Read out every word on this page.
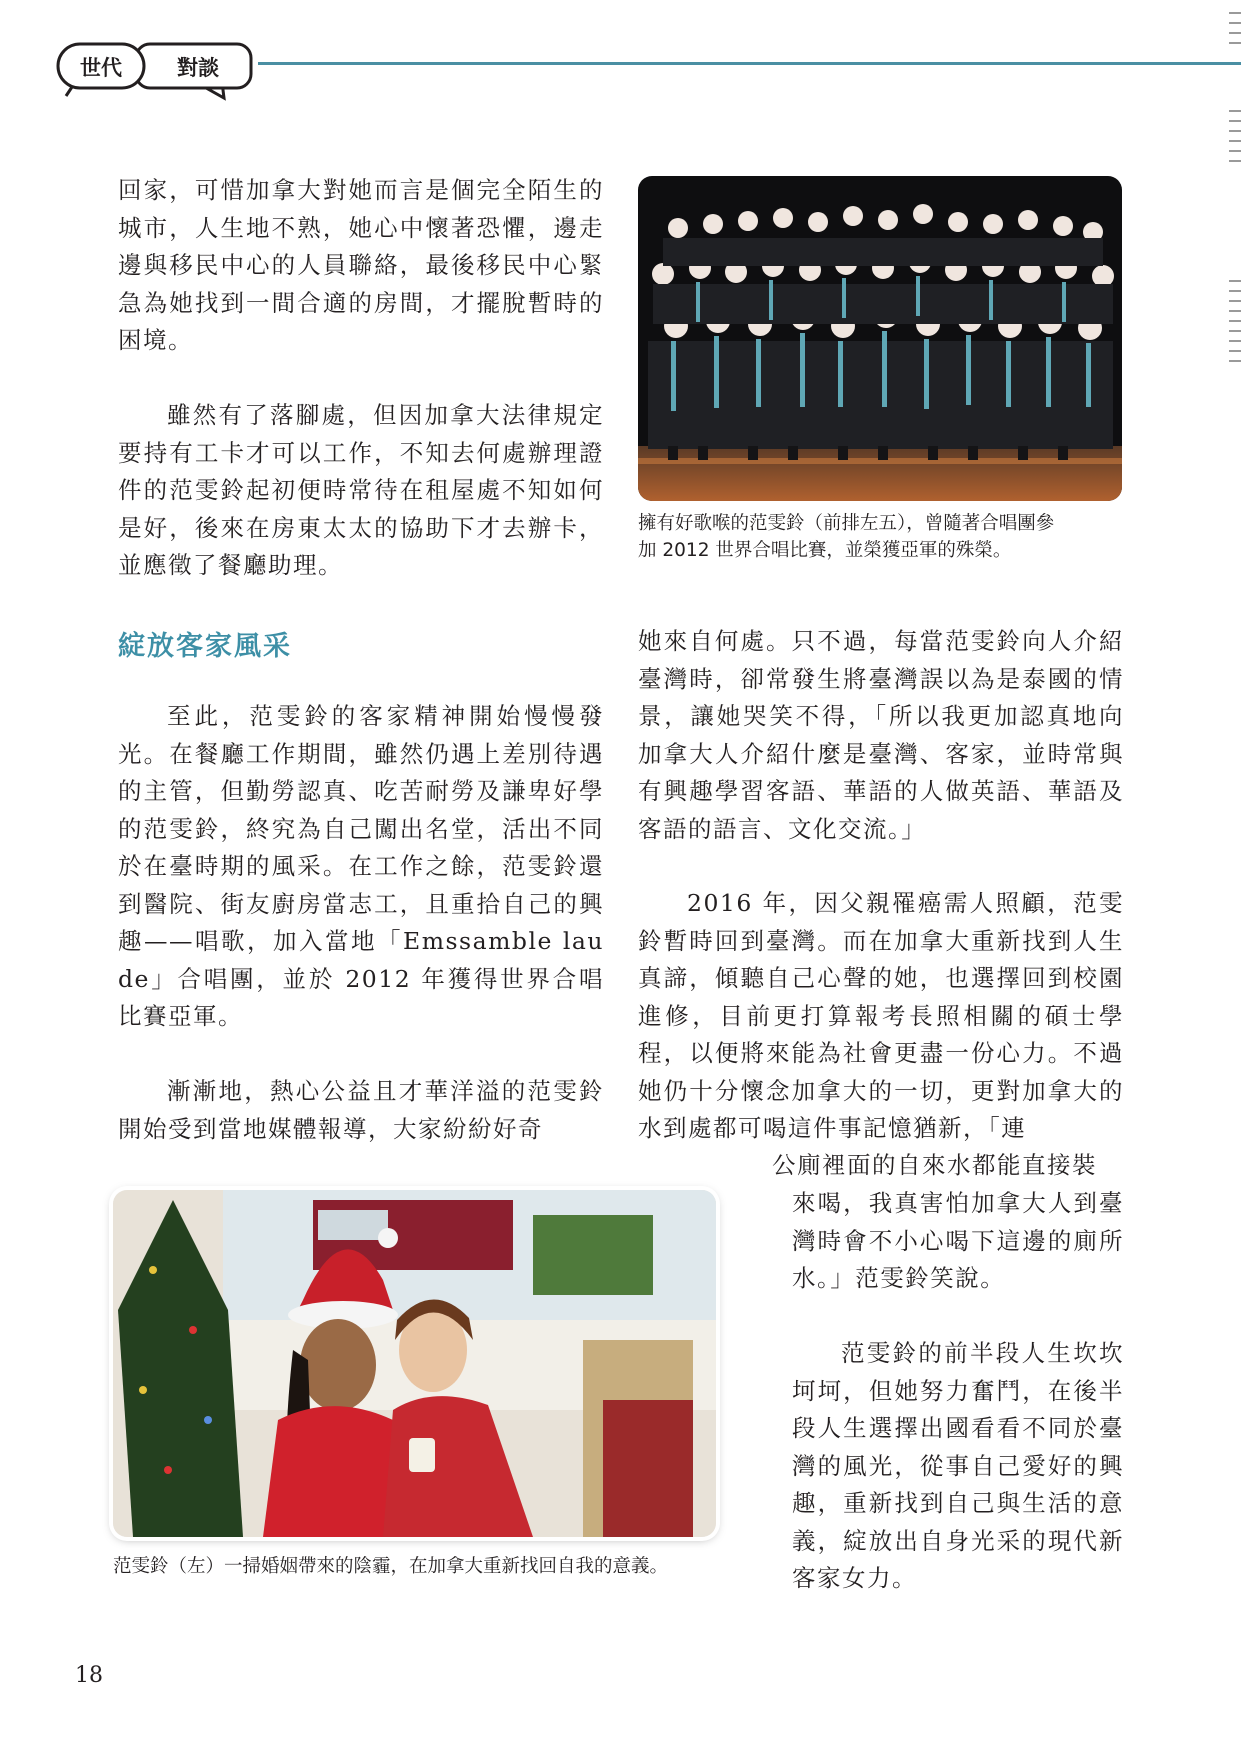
世代	對談

回家，可惜加拿大對她而言是個完全陌生的城市，人生地不熟，她心中懷著恐懼，邊走邊與移民中心的人員聯絡，最後移民中心緊急為她找到一間合適的房間，才擺脫暫時的困境。

雖然有了落腳處，但因加拿大法律規定要持有工卡才可以工作，不知去何處辦理證件的范雯鈴起初便時常待在租屋處不知如何是好，後來在房東太太的協助下才去辦卡，並應徵了餐廳助理。

綻放客家風采

至此，范雯鈴的客家精神開始慢慢發光。在餐廳工作期間，雖然仍遇上差別待遇的主管，但勤勞認真、吃苦耐勞及謙卑好學的范雯鈴，終究為自己闖出名堂，活出不同於在臺時期的風采。在工作之餘，范雯鈴還到醫院、街友廚房當志工，且重拾自己的興趣——唱歌，加入當地「Emssamble laude」合唱團，並於 2012 年獲得世界合唱比賽亞軍。

漸漸地，熱心公益且才華洋溢的范雯鈴開始受到當地媒體報導，大家紛紛好奇

擁有好歌喉的范雯鈴（前排左五），曾隨著合唱團參

加 2012 世界合唱比賽，並榮獲亞軍的殊榮。

她來自何處。只不過，每當范雯鈴向人介紹臺灣時，卻常發生將臺灣誤以為是泰國的情景，讓她哭笑不得，「所以我更加認真地向加拿大人介紹什麼是臺灣、客家，並時常與有興趣學習客語、華語的人做英語、華語及客語的語言、文化交流。」

2016 年，因父親罹癌需人照顧，范雯鈴暫時回到臺灣。而在加拿大重新找到人生真諦，傾聽自己心聲的她，也選擇回到校園進修，目前更打算報考長照相關的碩士學程，以便將來能為社會更盡一份心力。不過她仍十分懷念加拿大的一切，更對加拿大的水到處都可喝這件事記憶猶新，「連

公廁裡面的自來水都能直接裝

來喝，我真害怕加拿大人到臺灣時會不小心喝下這邊的廁所水。」范雯鈴笑說。

范雯鈴的前半段人生坎坎坷坷，但她努力奮鬥，在後半段人生選擇出國看看不同於臺灣的風光，從事自己愛好的興趣，重新找到自己與生活的意義，綻放出自身光采的現代新客家女力。

范雯鈴（左）一掃婚姻帶來的陰霾，在加拿大重新找回自我的意義。

18
